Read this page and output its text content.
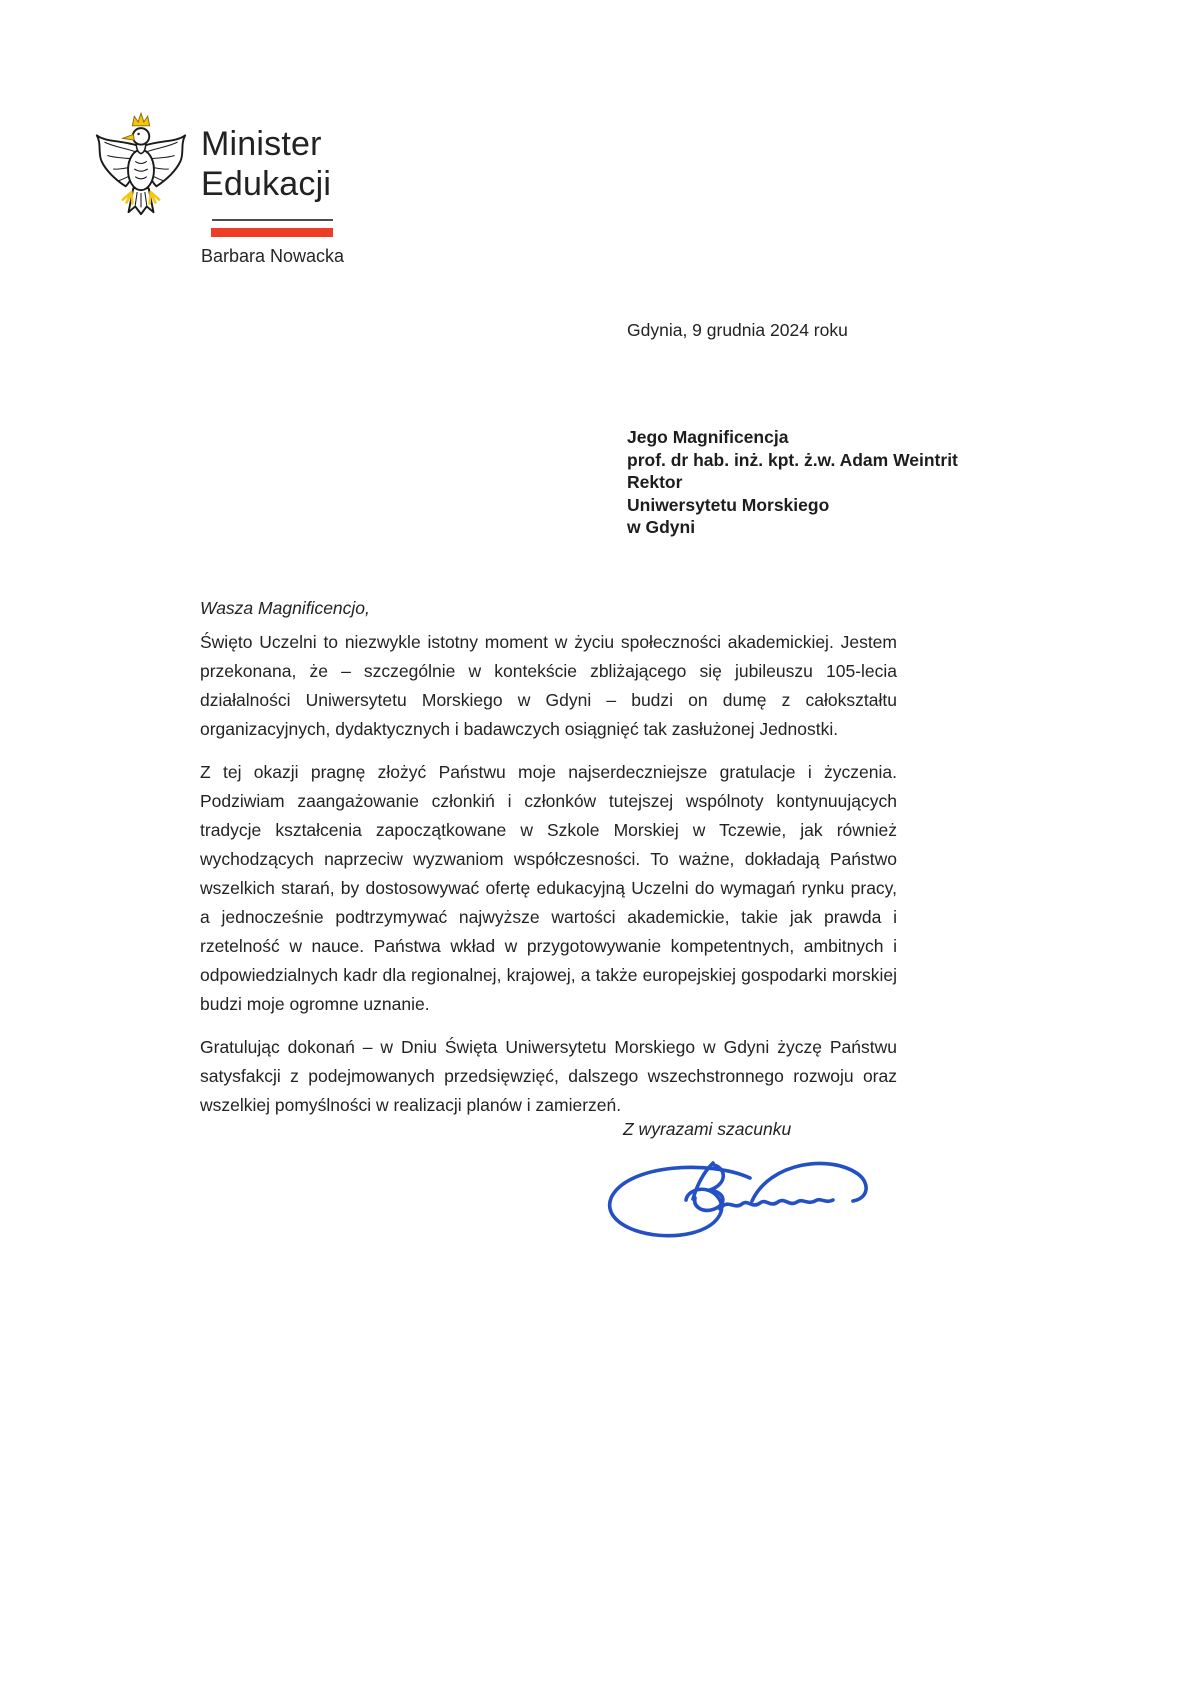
Minister
Edukacji
Barbara Nowacka
Gdynia, 9 grudnia 2024 roku
Jego Magnificencja
prof. dr hab. inż. kpt. ż.w. Adam Weintrit
Rektor
Uniwersytetu Morskiego
w Gdyni
Wasza Magnificencjo,

Święto Uczelni to niezwykle istotny moment w życiu społeczności akademickiej. Jestem przekonana, że – szczególnie w kontekście zbliżającego się jubileuszu 105-lecia działalności Uniwersytetu Morskiego w Gdyni – budzi on dumę z całokształtu organizacyjnych, dydaktycznych i badawczych osiągnięć tak zasłużonej Jednostki.

Z tej okazji pragnę złożyć Państwu moje najserdeczniejsze gratulacje i życzenia. Podziwiam zaangażowanie członkiń i członków tutejszej wspólnoty kontynuujących tradycje kształcenia zapoczątkowane w Szkole Morskiej w Tczewie, jak również wychodzących naprzeciw wyzwaniom współczesności. To ważne, dokładają Państwo wszelkich starań, by dostosowywać ofertę edukacyjną Uczelni do wymagań rynku pracy, a jednocześnie podtrzymywać najwyższe wartości akademickie, takie jak prawda i rzetelność w nauce. Państwa wkład w przygotowywanie kompetentnych, ambitnych i odpowiedzialnych kadr dla regionalnej, krajowej, a także europejskiej gospodarki morskiej budzi moje ogromne uznanie.

Gratulując dokonań – w Dniu Święta Uniwersytetu Morskiego w Gdyni życzę Państwu satysfakcji z podejmowanych przedsięwzięć, dalszego wszechstronnego rozwoju oraz wszelkiej pomyślności w realizacji planów i zamierzeń.

Z wyrazami szacunku
